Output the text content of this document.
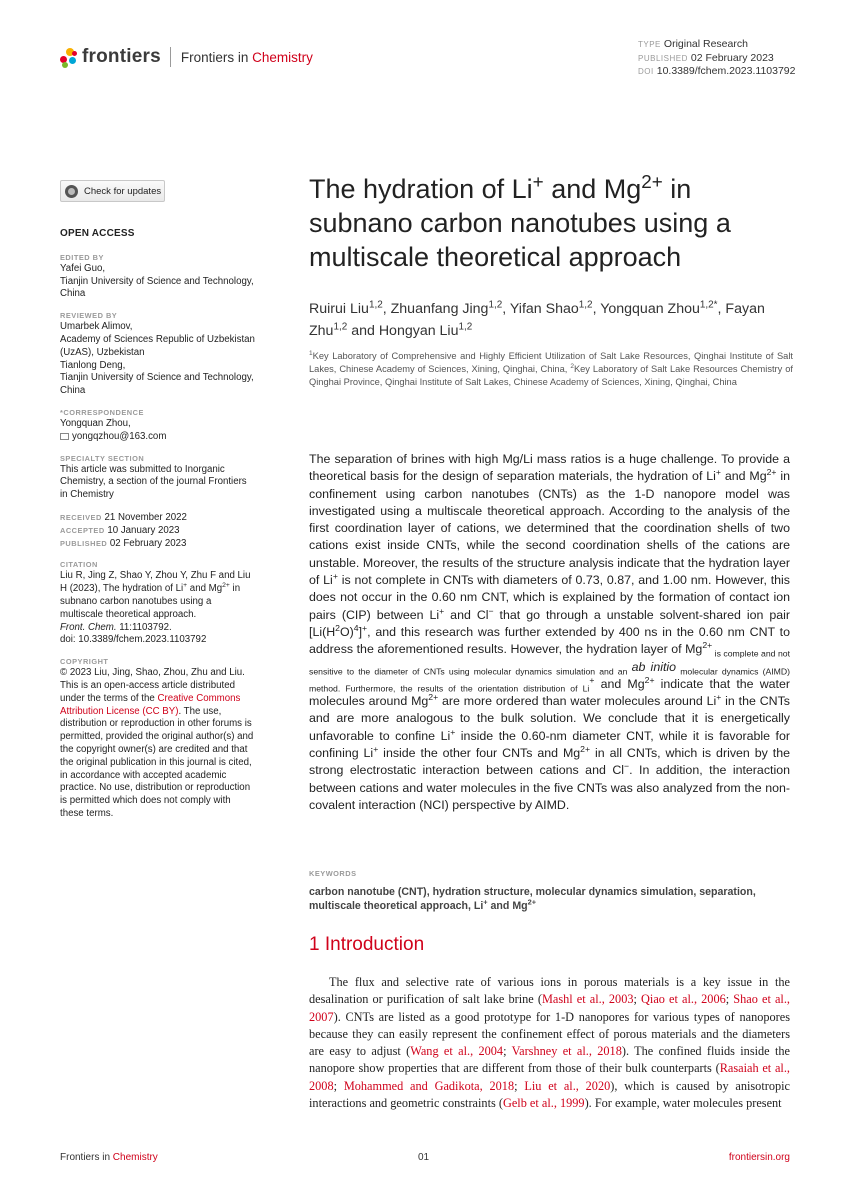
frontiers Frontiers in Chemistry
TYPE Original Research
PUBLISHED 02 February 2023
DOI 10.3389/fchem.2023.1103792
Check for updates
OPEN ACCESS
EDITED BY

Yafei Guo,

Tianjin University of Science and Technology, China

REVIEWED BY

Umarbek Alimov,

Academy of Sciences Republic of Uzbekistan (UzAS), Uzbekistan

Tianlong Deng,

Tianjin University of Science and Technology, China

*CORRESPONDENCE

Yongquan Zhou,

yongqzhou@163.com

SPECIALTY SECTION

This article was submitted to Inorganic Chemistry, a section of the journal Frontiers in Chemistry

RECEIVED 21 November 2022

ACCEPTED 10 January 2023

PUBLISHED 02 February 2023

CITATION

Liu R, Jing Z, Shao Y, Zhou Y, Zhu F and Liu H (2023), The hydration of Li+ and $Mg^{2+}$ in subnano carbon nanotubes using a multiscale theoretical approach.
Front. Chem. 11:1103792.
doi: 10.3389/fchem.2023.1103792

COPYRIGHT

© 2023 Liu, Jing, Shao, Zhou, Zhu and Liu. This is an open-access article distributed under the terms of the Creative Commons Attribution License (CC BY). The use, distribution or reproduction in other forums is permitted, provided the original author(s) and the copyright owner(s) are credited and that the original publication in this journal is cited, in accordance with accepted academic practice. No use, distribution or reproduction is permitted which does not comply with these terms.

The hydration of Li+ and $Mg^{2+}$ in subnano carbon nanotubes using a multiscale theoretical approach
Ruirui Liu$^{1,2}$, Zhuanfang Jing$^{1,2}$, Yifan Shao$^{1,2}$, Yongquan Zhou$^{1,2*}$, Fayan Zhu$^{1,2}$ and Hongyan Liu$^{1,2}$
$^1$Key Laboratory of Comprehensive and Highly Efficient Utilization of Salt Lake Resources, Qinghai Institute of Salt Lakes, Chinese Academy of Sciences, Xining, Qinghai, China, $^2$Key Laboratory of Salt Lake Resources Chemistry of Qinghai Province, Qinghai Institute of Salt Lakes, Chinese Academy of Sciences, Xining, Qinghai, China
The separation of brines with high Mg/Li mass ratios is a huge challenge. To provide a theoretical basis for the design of separation materials, the hydration of Li+ and $Mg^{2+}$ in confinement using carbon nanotubes (CNTs) as the 1-D nanopore model was investigated using a multiscale theoretical approach. According to the analysis of the first coordination layer of cations, we determined that the coordination shells of two cations exist inside CNTs, while the second coordination shells of the cations are unstable. Moreover, the results of the structure analysis indicate that the hydration layer of Li+ is not complete in CNTs with diameters of 0.73, 0.87, and 1.00 nm. However, this does not occur in the 0.60 nm CNT, which is explained by the formation of contact ion pairs (CIP) between Li+ and Cl− that go through a unstable solvent-shared ion pair $[Li(H^2O)^4]^+$, and this research was further extended by 400 ns in the 0.60 nm CNT to address the aforementioned results. However, the hydration layer of $Mg^{2+}$ $_{is complete and not sensitive to the diameter of CNTs using molecular dynamics simulation and an}$ ab initio $_{molecular dynamics (AIMD) method. Furthermore, the results of the orientation distribution of Li}$+ and $Mg^{2+}$ indicate that the water molecules around $Mg^{2+}$ are more ordered than water molecules around Li+ in the CNTs and are more analogous to the bulk solution. We conclude that it is energetically unfavorable to confine Li+ inside the 0.60-nm diameter CNT, while it is favorable for confining Li+ inside the other four CNTs and $Mg^{2+}$ in all CNTs, which is driven by the strong electrostatic interaction between cations and Cl−. In addition, the interaction between cations and water molecules in the five CNTs was also analyzed from the non-covalent interaction (NCI) perspective by AIMD.
KEYWORDS
carbon nanotube (CNT), hydration structure, molecular dynamics simulation, separation, multiscale theoretical approach, Li+ and $Mg^{2+}$
1 Introduction
The flux and selective rate of various ions in porous materials is a key issue in the desalination or purification of salt lake brine (Mashl et al., 2003; Qiao et al., 2006; Shao et al., 2007). CNTs are listed as a good prototype for 1-D nanopores for various types of nanopores because they can easily represent the confinement effect of porous materials and the diameters are easy to adjust (Wang et al., 2004; Varshney et al., 2018). The confined fluids inside the nanopore show properties that are different from those of their bulk counterparts (Rasaiah et al., 2008; Mohammed and Gadikota, 2018; Liu et al., 2020), which is caused by anisotropic interactions and geometric constraints (Gelb et al., 1999). For example, water molecules present
Frontiers in Chemistry	01	frontiersin.org
